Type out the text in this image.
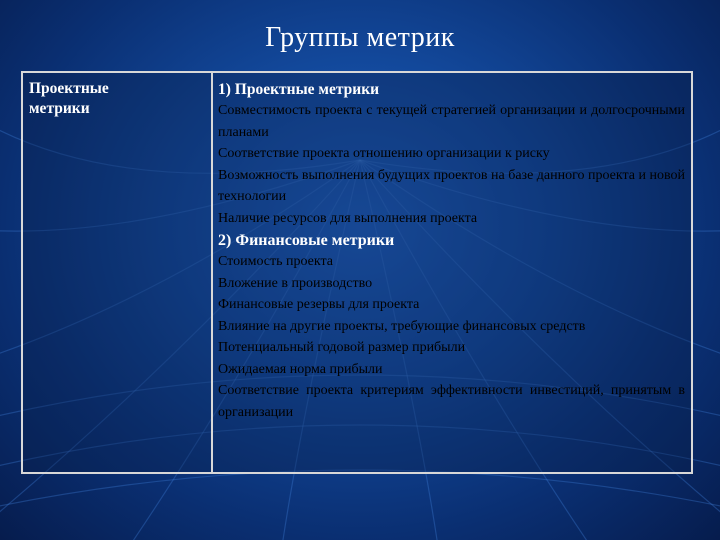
Группы метрик
Проектные метрики
1) Проектные метрики
Совместимость проекта с текущей стратегией организации и долгосрочными планами
Соответствие проекта отношению организации к риску
Возможность выполнения будущих проектов на базе данного проекта и новой технологии
Наличие ресурсов для выполнения проекта
2) Финансовые метрики
Стоимость проекта
Вложение в производство
Финансовые резервы для проекта
Влияние на другие проекты, требующие финансовых средств
Потенциальный годовой размер прибыли
Ожидаемая норма прибыли
Соответствие проекта критериям эффективности инвестиций, принятым в организации
